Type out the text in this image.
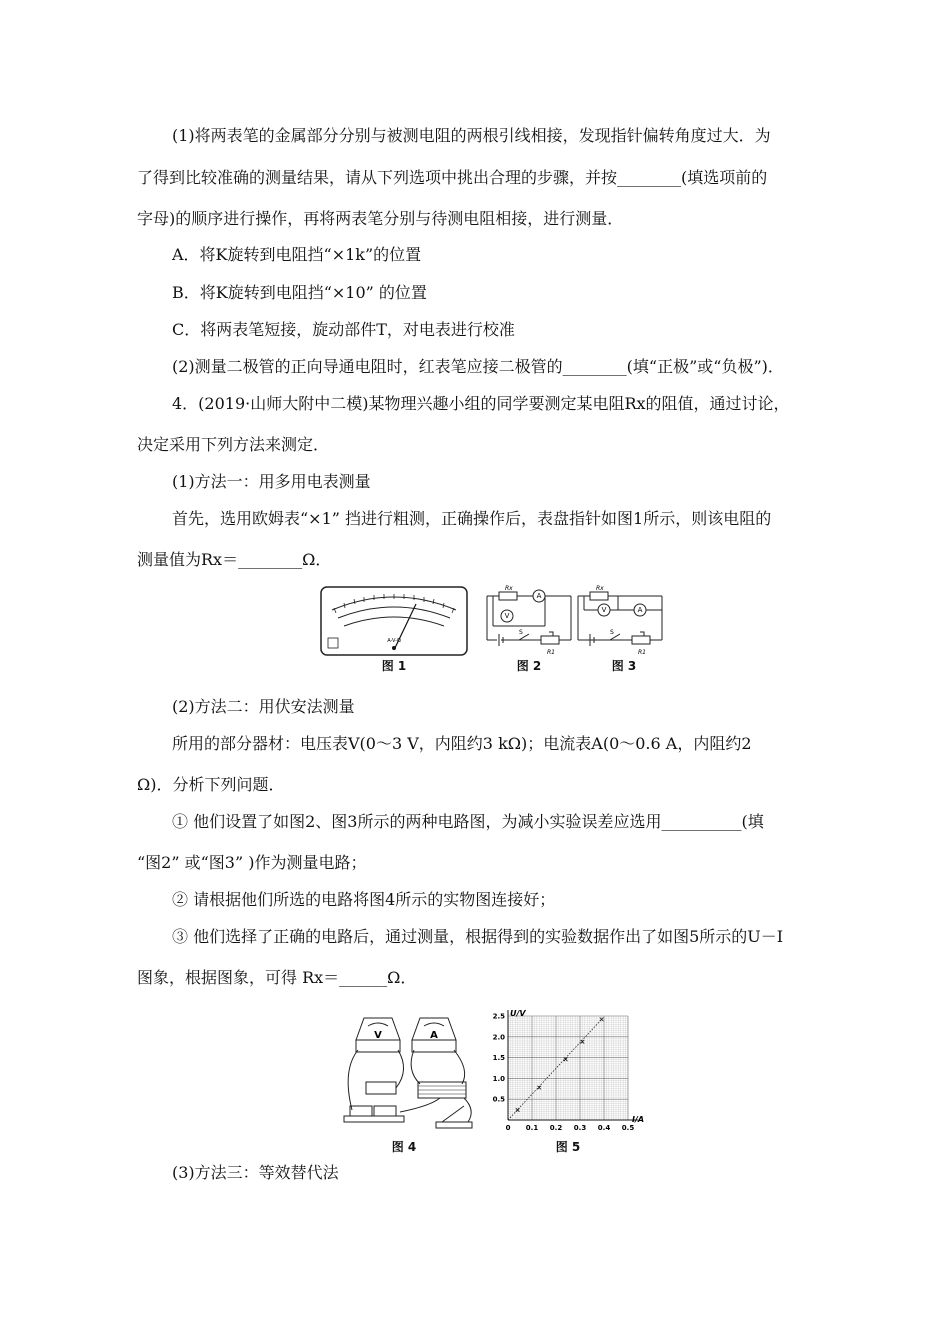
(1)将两表笔的金属部分分别与被测电阻的两根引线相接，发现指针偏转角度过大．为
了得到比较准确的测量结果，请从下列选项中挑出合理的步骤，并按________(填选项前的
字母)的顺序进行操作，再将两表笔分别与待测电阻相接，进行测量．
A．将K旋转到电阻挡“×1k”的位置
B．将K旋转到电阻挡“×10” 的位置
C．将两表笔短接，旋动部件T，对电表进行校准
(2)测量二极管的正向导通电阻时，红表笔应接二极管的________(填“正极”或“负极”)．
4．(2019·山师大附中二模)某物理兴趣小组的同学要测定某电阻Rx的阻值，通过讨论，
决定采用下列方法来测定．
(1)方法一：用多用电表测量
首先，选用欧姆表“×1” 挡进行粗测，正确操作后，表盘指针如图1所示，则该电阻的
测量值为Rx＝________Ω．
A-V-Ω
图 1
Rx
A
V
S
R1
图 2
Rx
A
V
S
R1
图 3
(2)方法二：用伏安法测量
所用的部分器材：电压表V(0～3 V，内阻约3 kΩ)；电流表A(0～0.6 A，内阻约2
Ω)．分析下列问题．
① 他们设置了如图2、图3所示的两种电路图，为减小实验误差应选用__________(填
“图2” 或“图3” )作为测量电路；
② 请根据他们所选的电路将图4所示的实物图连接好；
③ 他们选择了正确的电路后，通过测量，根据得到的实验数据作出了如图5所示的U－I
图象，根据图象，可得 Rx＝______Ω．
V	A
图 4
0 0.1 0.2 0.3 0.4 0.5
0.5
1.0
1.5
2.0
2.5 U/V
I/A
图 5
(3)方法三：等效替代法
